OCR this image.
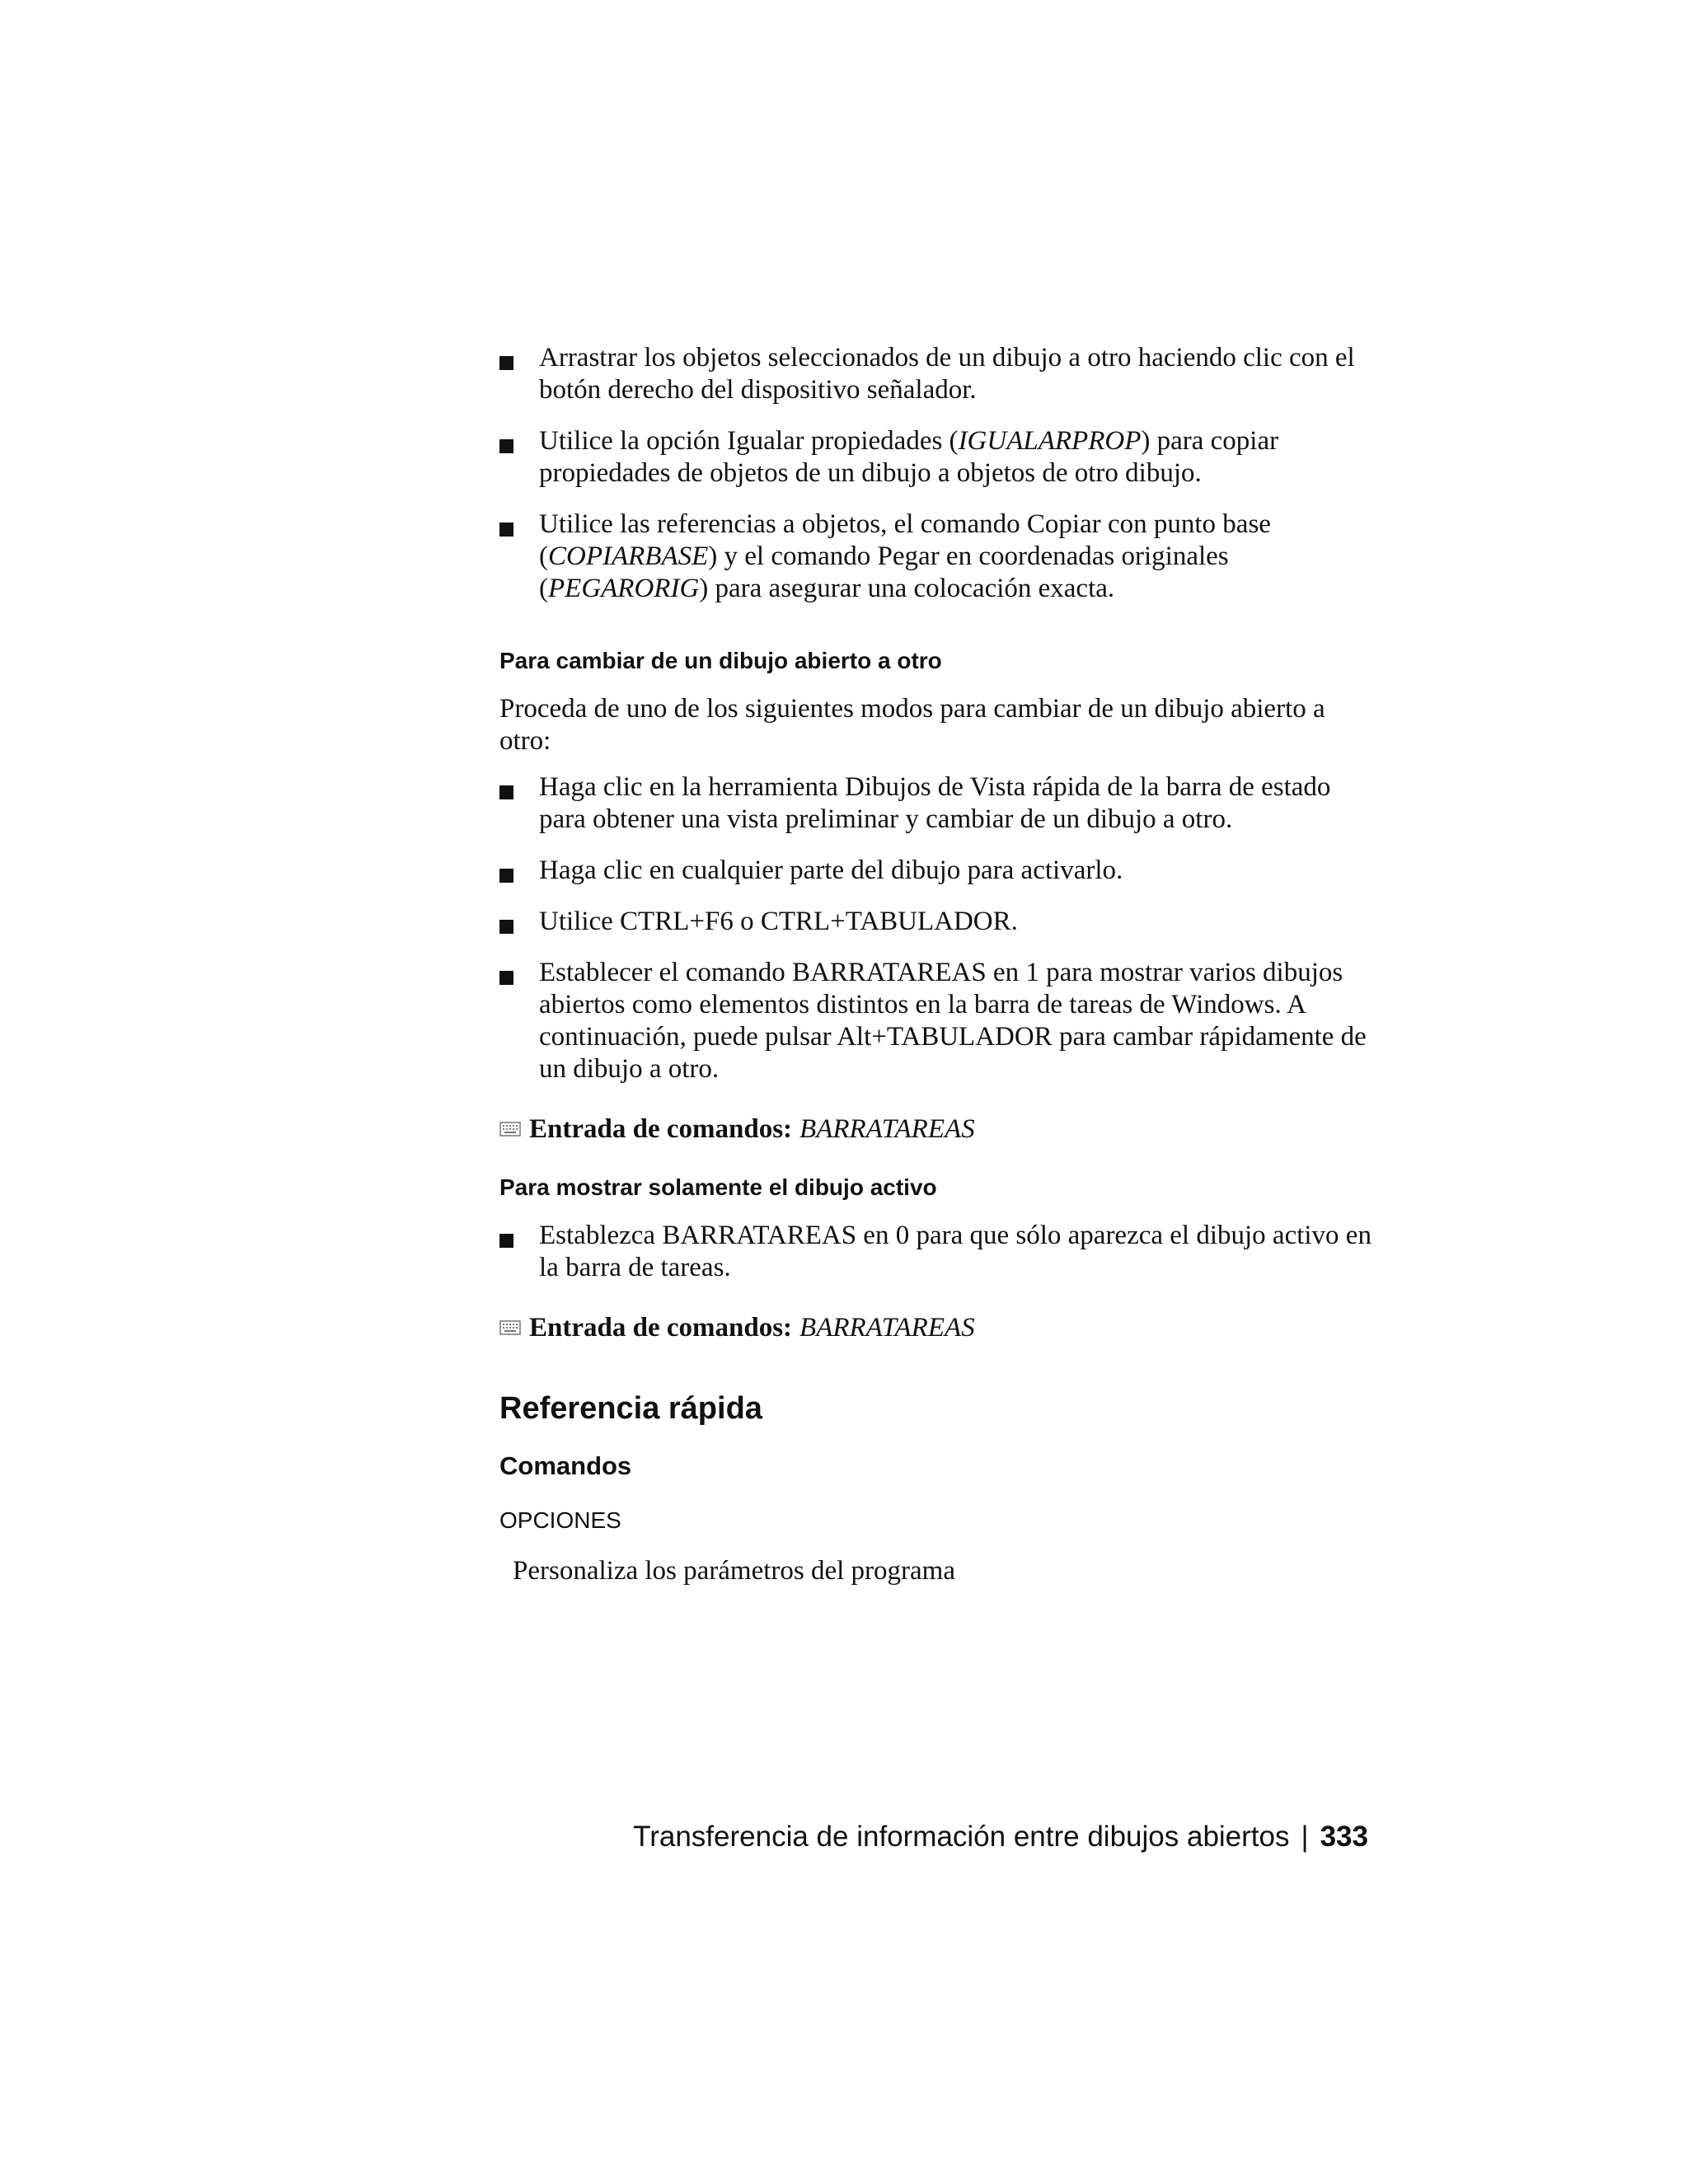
Arrastrar los objetos seleccionados de un dibujo a otro haciendo clic con el botón derecho del dispositivo señalador.
Utilice la opción Igualar propiedades (IGUALARPROP) para copiar propiedades de objetos de un dibujo a objetos de otro dibujo.
Utilice las referencias a objetos, el comando Copiar con punto base (COPIARBASE) y el comando Pegar en coordenadas originales (PEGARORIG) para asegurar una colocación exacta.
Para cambiar de un dibujo abierto a otro
Proceda de uno de los siguientes modos para cambiar de un dibujo abierto a otro:
Haga clic en la herramienta Dibujos de Vista rápida de la barra de estado para obtener una vista preliminar y cambiar de un dibujo a otro.
Haga clic en cualquier parte del dibujo para activarlo.
Utilice CTRL+F6 o CTRL+TABULADOR.
Establecer el comando BARRATAREAS en 1 para mostrar varios dibujos abiertos como elementos distintos en la barra de tareas de Windows. A continuación, puede pulsar Alt+TABULADOR para cambar rápidamente de un dibujo a otro.
Entrada de comandos: BARRATAREAS
Para mostrar solamente el dibujo activo
Establezca BARRATAREAS en 0 para que sólo aparezca el dibujo activo en la barra de tareas.
Entrada de comandos: BARRATAREAS
Referencia rápida
Comandos
OPCIONES
Personaliza los parámetros del programa
Transferencia de información entre dibujos abiertos | 333
